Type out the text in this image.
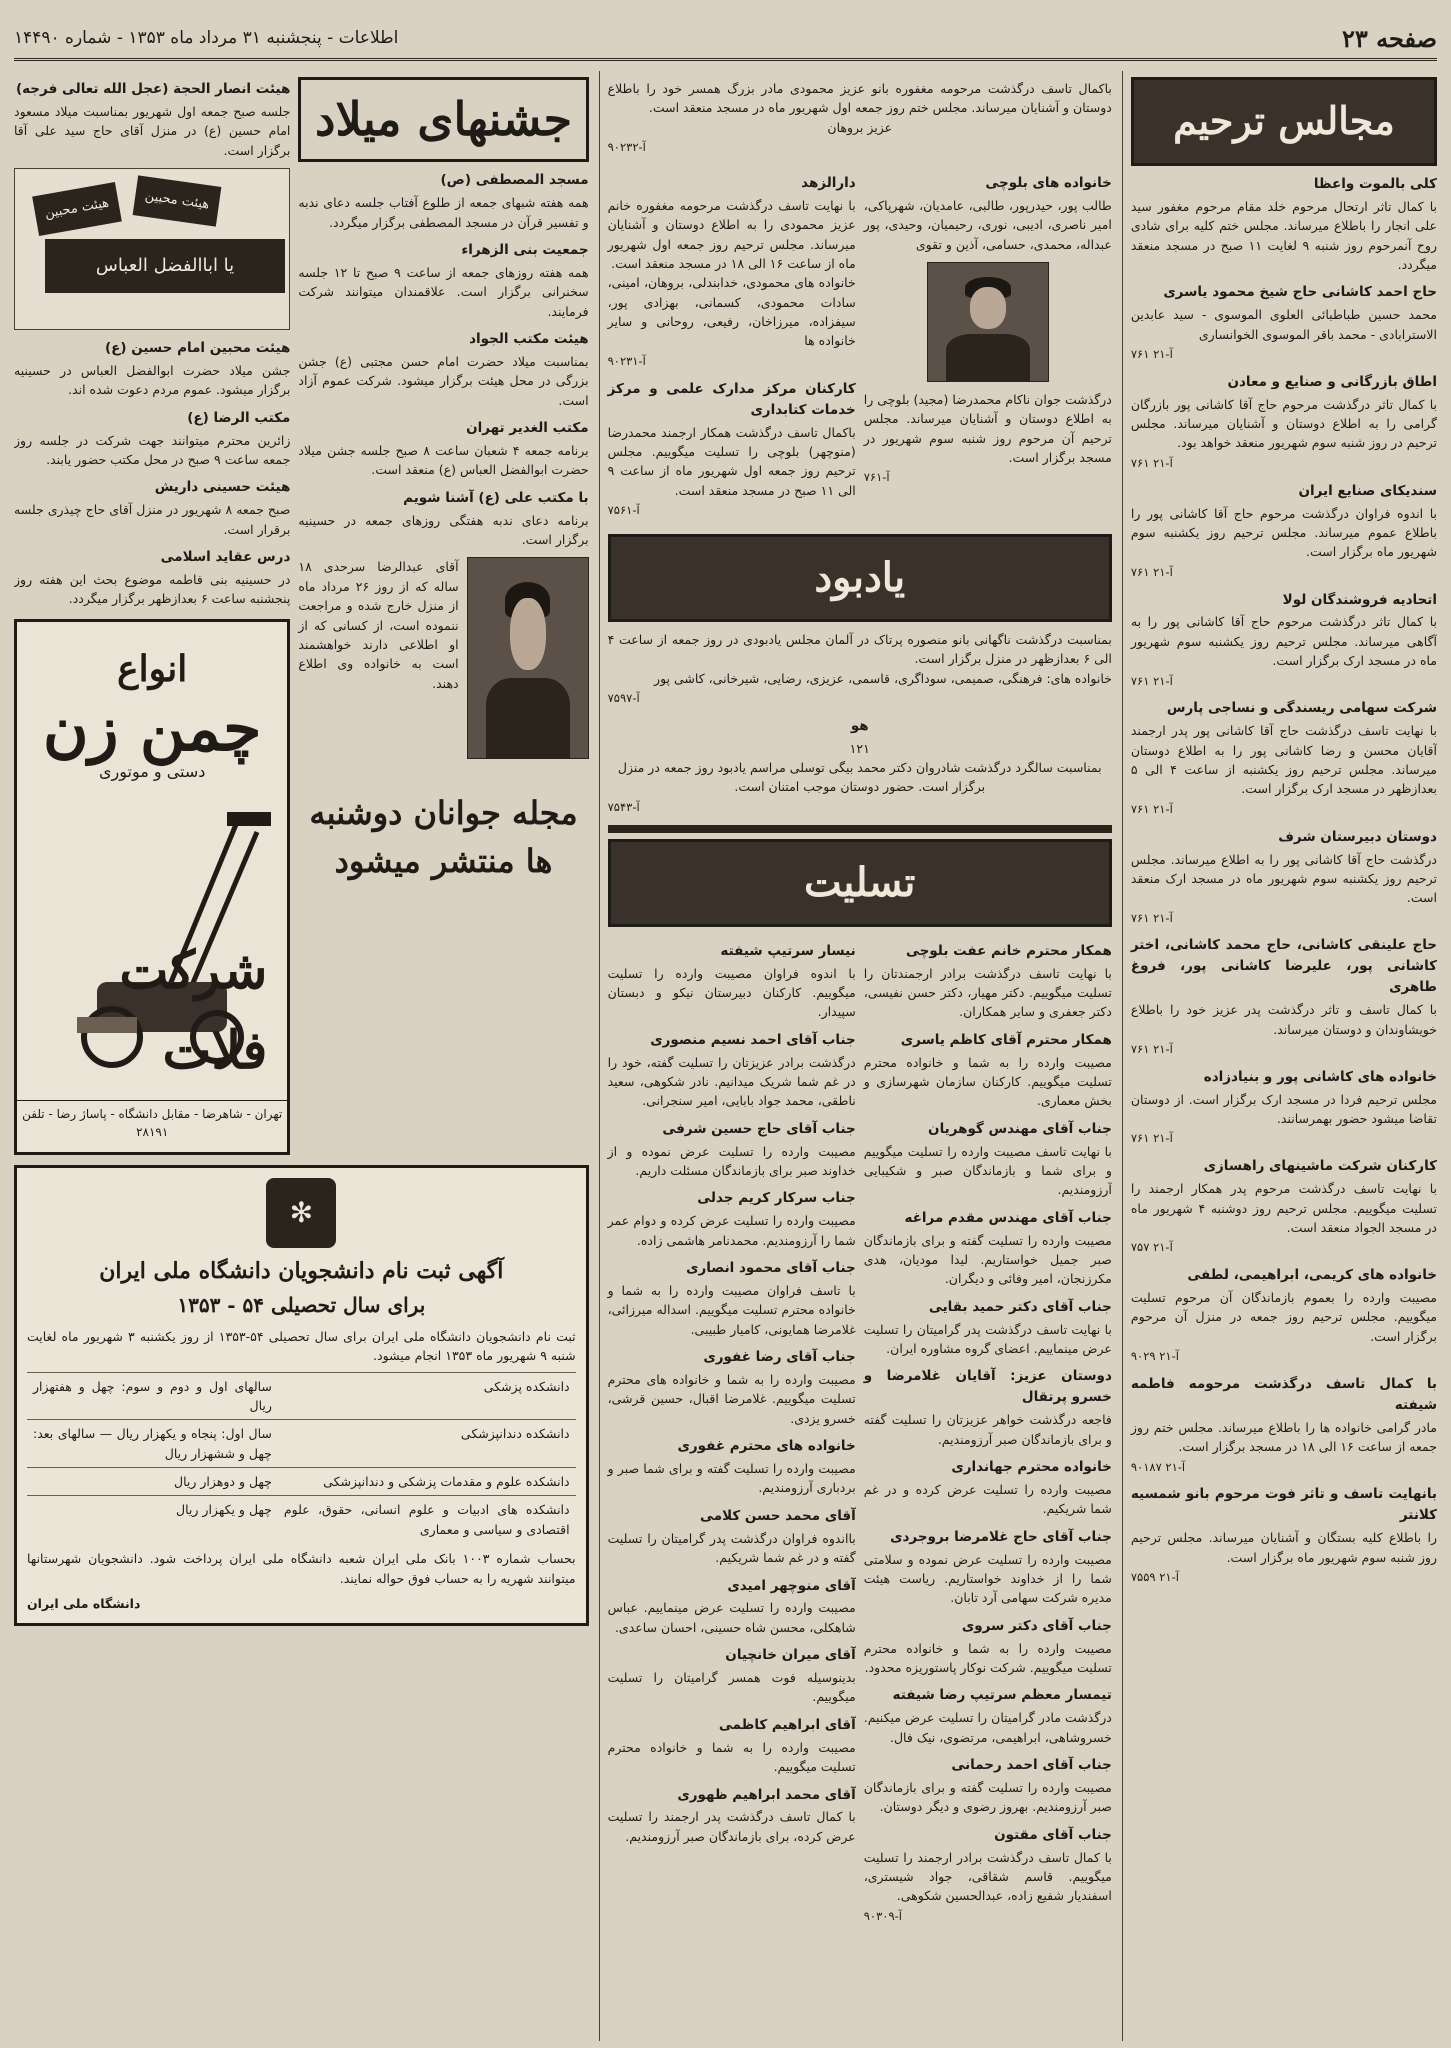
صفحه ۲۳
اطلاعات - پنجشنبه ۳۱ مرداد ماه ۱۳۵۳ - شماره ۱۴۴۹۰
مجالس ترحیم
کلی بالموت واعظا

با کمال تاثر ارتحال مرحوم خلد مقام مرحوم مغفور سید علی انجار را باطلاع میرساند. مجلس ختم کلیه برای شادی روح آنمرحوم روز شنبه ۹ لغایت ۱۱ صبح در مسجد منعقد میگردد.

حاج احمد کاشانی حاج شیخ محمود یاسری

محمد حسین طباطبائی العلوی الموسوی - سید عابدین الاسترابادی - محمد باقر الموسوی الخوانساری

آ-۲۱ ۷۶۱
اطاق بازرگانی و صنایع و معادن

با کمال تاثر درگذشت مرحوم حاج آقا کاشانی پور بازرگان گرامی را به اطلاع دوستان و آشنایان میرساند. مجلس ترحیم در روز شنبه سوم شهریور منعقد خواهد بود.

آ-۲۱ ۷۶۱
سندیکای صنایع ایران

با اندوه فراوان درگذشت مرحوم حاج آقا کاشانی پور را باطلاع عموم میرساند. مجلس ترحیم روز یکشنبه سوم شهریور ماه برگزار است.

آ-۲۱ ۷۶۱
اتحادیه فروشندگان لولا

با کمال تاثر درگذشت مرحوم حاج آقا کاشانی پور را به آگاهی میرساند. مجلس ترحیم روز یکشنبه سوم شهریور ماه در مسجد ارک برگزار است.

آ-۲۱ ۷۶۱
شرکت سهامی ریسندگی و نساجی پارس

با نهایت تاسف درگذشت حاج آقا کاشانی پور پدر ارجمند آقایان محسن و رضا کاشانی پور را به اطلاع دوستان میرساند. مجلس ترحیم روز یکشنبه از ساعت ۴ الی ۵ بعدازظهر در مسجد ارک برگزار است.

آ-۲۱ ۷۶۱
دوستان دبیرستان شرف

درگذشت حاج آقا کاشانی پور را به اطلاع میرساند. مجلس ترحیم روز یکشنبه سوم شهریور ماه در مسجد ارک منعقد است.

آ-۲۱ ۷۶۱
حاج علینقی کاشانی، حاج محمد کاشانی، اختر کاشانی پور، علیرضا کاشانی پور، فروغ طاهری

با کمال تاسف و تاثر درگذشت پدر عزیز خود را باطلاع خویشاوندان و دوستان میرساند.

آ-۲۱ ۷۶۱
خانواده های کاشانی پور و بنیادزاده

مجلس ترحیم فردا در مسجد ارک برگزار است. از دوستان تقاضا میشود حضور بهمرسانند.

آ-۲۱ ۷۶۱
کارکنان شرکت ماشینهای راهسازی

با نهایت تاسف درگذشت مرحوم پدر همکار ارجمند را تسلیت میگوییم. مجلس ترحیم روز دوشنبه ۴ شهریور ماه در مسجد الجواد منعقد است.

آ-۲۱ ۷۵۷
خانواده های کریمی، ابراهیمی، لطفی

مصیبت وارده را بعموم بازماندگان آن مرحوم تسلیت میگوییم. مجلس ترحیم روز جمعه در منزل آن مرحوم برگزار است.

آ-۲۱ ۹۰۲۹
با کمال تاسف درگذشت مرحومه فاطمه شیفته

مادر گرامی خانواده ها را باطلاع میرساند. مجلس ختم روز جمعه از ساعت ۱۶ الی ۱۸ در مسجد برگزار است.

آ-۲۱ ۹۰۱۸۷
بانهایت تاسف و تاثر فوت مرحوم بانو شمسیه کلانتر

را باطلاع کلیه بستگان و آشنایان میرساند. مجلس ترحیم روز شنبه سوم شهریور ماه برگزار است.

آ-۲۱ ۷۵۵۹

باکمال تاسف درگذشت مرحومه مغفوره بانو عزیز محمودی مادر بزرگ همسر خود را باطلاع دوستان و آشنایان میرساند. مجلس ختم روز جمعه اول شهریور ماه در مسجد منعقد است.

عزیز بروهان
آ-۹۰۲۳۲
خانواده های بلوچی

طالب پور، حیدرپور، طالبی، عامدیان، شهرپاکی، امیر ناصری، ادیبی، نوری، رحیمیان، وحیدی، پور عبداله، محمدی، حسامی، آذین و تقوی

درگذشت جوان ناکام محمدرضا (مجید) بلوچی را به اطلاع دوستان و آشنایان میرساند. مجلس ترحیم آن مرحوم روز شنبه سوم شهریور در مسجد برگزار است.

آ-۷۶۱
دارالزهد

با نهایت تاسف درگذشت مرحومه مغفوره خانم عزیز محمودی را به اطلاع دوستان و آشنایان میرساند. مجلس ترحیم روز جمعه اول شهریور ماه از ساعت ۱۶ الی ۱۸ در مسجد منعقد است.

خانواده های محمودی، خدابندلی، بروهان، امینی، سادات محمودی، کسمانی، بهزادی پور، سیفزاده، میرزاخان، رفیعی، روحانی و سایر خانواده ها

آ-۹۰۲۳۱
کارکنان مرکز مدارک علمی و مرکز خدمات کتابداری

باکمال تاسف درگذشت همکار ارجمند محمدرضا (منوچهر) بلوچی را تسلیت میگوییم. مجلس ترحیم روز جمعه اول شهریور ماه از ساعت ۹ الی ۱۱ صبح در مسجد منعقد است.

آ-۷۵۶۱
یادبود

بمناسبت درگذشت ناگهانی بانو منصوره پرتاک در آلمان مجلس یادبودی در روز جمعه از ساعت ۴ الی ۶ بعدازظهر در منزل برگزار است.

خانواده های: فرهنگی، صمیمی، سوداگری، قاسمی، عزیزی، رضایی، شیرخانی، کاشی پور

آ-۷۵۹۷
هو
۱۲۱

بمناسبت سالگرد درگذشت شادروان دکتر محمد بیگی توسلی مراسم یادبود روز جمعه در منزل برگزار است. حضور دوستان موجب امتنان است.

آ-۷۵۴۳
تسلیت
همکار محترم خانم عفت بلوچی

با نهایت تاسف درگذشت برادر ارجمندتان را تسلیت میگوییم. دکتر مهیار، دکتر حسن نفیسی، دکتر جعفری و سایر همکاران.

همکار محترم آقای کاظم یاسری

مصیبت وارده را به شما و خانواده محترم تسلیت میگوییم. کارکنان سازمان شهرسازی و بخش معماری.

جناب آقای مهندس گوهریان

با نهایت تاسف مصیبت وارده را تسلیت میگوییم و برای شما و بازماندگان صبر و شکیبایی آرزومندیم.

جناب آقای مهندس مقدم مراغه

مصیبت وارده را تسلیت گفته و برای بازماندگان صبر جمیل خواستاریم. لیدا مودیان، هدی مکرزنجان، امیر وفائی و دیگران.

جناب آقای دکتر حمید بقایی

با نهایت تاسف درگذشت پدر گرامیتان را تسلیت عرض مینماییم. اعضای گروه مشاوره ایران.

دوستان عزیز: آقایان غلامرضا و خسرو پرتقال

فاجعه درگذشت خواهر عزیزتان را تسلیت گفته و برای بازماندگان صبر آرزومندیم.

خانواده محترم جهانداری

مصیبت وارده را تسلیت عرض کرده و در غم شما شریکیم.

جناب آقای حاج غلامرضا بروجردی

مصیبت وارده را تسلیت عرض نموده و سلامتی شما را از خداوند خواستاریم. ریاست هیئت مدیره شرکت سهامی آرد تابان.

جناب آقای دکتر سروی

مصیبت وارده را به شما و خانواده محترم تسلیت میگوییم. شرکت نوکار پاستوریزه محدود.

تیمسار معظم سرتیپ رضا شیفته

درگذشت مادر گرامیتان را تسلیت عرض میکنیم. خسروشاهی، ابراهیمی، مرتضوی، نیک فال.

جناب آقای احمد رحمانی

مصیبت وارده را تسلیت گفته و برای بازماندگان صبر آرزومندیم. بهروز رضوی و دیگر دوستان.

جناب آقای مقتون

با کمال تاسف درگذشت برادر ارجمند را تسلیت میگوییم. قاسم شقاقی، جواد شیستری، اسفندیار شفیع زاده، عبدالحسین شکوهی.

آ-۹۰۳۰۹
نیسار سرتیپ شیفته

با اندوه فراوان مصیبت وارده را تسلیت میگوییم. کارکنان دبیرستان نیکو و دبستان سپیدار.

جناب آقای احمد نسیم منصوری

درگذشت برادر عزیزتان را تسلیت گفته، خود را در غم شما شریک میدانیم. نادر شکوهی، سعید ناطقی، محمد جواد بابایی، امیر سنجرانی.

جناب آقای حاج حسین شرفی

مصیبت وارده را تسلیت عرض نموده و از خداوند صبر برای بازماندگان مسئلت داریم.

جناب سرکار کریم جدلی

مصیبت وارده را تسلیت عرض کرده و دوام عمر شما را آرزومندیم. محمدنامر هاشمی زاده.

جناب آقای محمود انصاری

با تاسف فراوان مصیبت وارده را به شما و خانواده محترم تسلیت میگوییم. اسداله میرزائی، غلامرضا همایونی، کامیار طبیبی.

جناب آقای رضا غفوری

مصیبت وارده را به شما و خانواده های محترم تسلیت میگوییم. غلامرضا اقبال، حسین قرشی، خسرو یزدی.

خانواده های محترم غفوری

مصیبت وارده را تسلیت گفته و برای شما صبر و بردباری آرزومندیم.

آقای محمد حسن کلامی

بااندوه فراوان درگذشت پدر گرامیتان را تسلیت گفته و در غم شما شریکیم.

آقای منوچهر امیدی

مصیبت وارده را تسلیت عرض مینماییم. عباس شاهکلی، محسن شاه حسینی، احسان ساعدی.

آقای میران خانچیان

بدینوسیله فوت همسر گرامیتان را تسلیت میگوییم.

آقای ابراهیم کاظمی

مصیبت وارده را به شما و خانواده محترم تسلیت میگوییم.

آقای محمد ابراهیم ظهوری

با کمال تاسف درگذشت پدر ارجمند را تسلیت عرض کرده، برای بازماندگان صبر آرزومندیم.

جشنهای میلاد
مسجد المصطفی (ص)

همه هفته شبهای جمعه از طلوع آفتاب جلسه دعای ندبه و تفسیر قرآن در مسجد المصطفی برگزار میگردد.

جمعیت بنی الزهراء

همه هفته روزهای جمعه از ساعت ۹ صبح تا ۱۲ جلسه سخنرانی برگزار است. علاقمندان میتوانند شرکت فرمایند.

هیئت مکتب الجواد

بمناسبت میلاد حضرت امام حسن مجتبی (ع) جشن بزرگی در محل هیئت برگزار میشود. شرکت عموم آزاد است.

مکتب الغدیر تهران

برنامه جمعه ۴ شعبان ساعت ۸ صبح جلسه جشن میلاد حضرت ابوالفضل العباس (ع) منعقد است.

با مکتب علی (ع) آشنا شویم

برنامه دعای ندبه هفتگی روزهای جمعه در حسینیه برگزار است.

آقای عبدالرضا سرحدی ۱۸ ساله که از روز ۲۶ مرداد ماه از منزل خارج شده و مراجعت ننموده است، از کسانی که از او اطلاعی دارند خواهشمند است به خانواده وی اطلاع دهند.

مجله جوانان دوشنبه ها منتشر میشود
هیئت انصار الحجة (عجل الله تعالی فرجه)

جلسه صبح جمعه اول شهریور بمناسبت میلاد مسعود امام حسین (ع) در منزل آقای حاج سید علی آقا برگزار است.

هیئت محبین	هیئت محبین
یا اباالفضل العباس
هیئت محبین امام حسین (ع)

جشن میلاد حضرت ابوالفضل العباس در حسینیه برگزار میشود. عموم مردم دعوت شده اند.

مکتب الرضا (ع)

زائرین محترم میتوانند جهت شرکت در جلسه روز جمعه ساعت ۹ صبح در محل مکتب حضور یابند.

هیئت حسینی داریش

صبح جمعه ۸ شهریور در منزل آقای حاج چیذری جلسه برقرار است.

درس عقاید اسلامی

در حسینیه بنی فاطمه موضوع بحث این هفته روز پنجشنبه ساعت ۶ بعدازظهر برگزار میگردد.

انواع
چمن زن
دستی و موتوری
شرکت فلات
تهران - شاهرضا - مقابل دانشگاه - پاساژ رضا - تلفن ۲۸۱۹۱
✻
آگهی ثبت نام دانشجویان دانشگاه ملی ایران
برای سال تحصیلی ۵۴ - ۱۳۵۳

ثبت نام دانشجویان دانشگاه ملی ایران برای سال تحصیلی ۵۴-۱۳۵۳ از روز یکشنبه ۳ شهریور ماه لغایت شنبه ۹ شهریور ماه ۱۳۵۳ انجام میشود.

دانشکده پزشکی	سالهای اول و دوم و سوم: چهل و هفتهزار ریال
دانشکده دندانپزشکی	سال اول: پنجاه و یکهزار ریال — سالهای بعد: چهل و ششهزار ریال
دانشکده علوم و مقدمات پزشکی و دندانپزشکی	چهل و دوهزار ریال
دانشکده های ادبیات و علوم انسانی، حقوق، علوم اقتصادی و سیاسی و معماری	چهل و یکهزار ریال

بحساب شماره ۱۰۰۳ بانک ملی ایران شعبه دانشگاه ملی ایران پرداخت شود. دانشجویان شهرستانها میتوانند شهریه را به حساب فوق حواله نمایند.

دانشگاه ملی ایران
